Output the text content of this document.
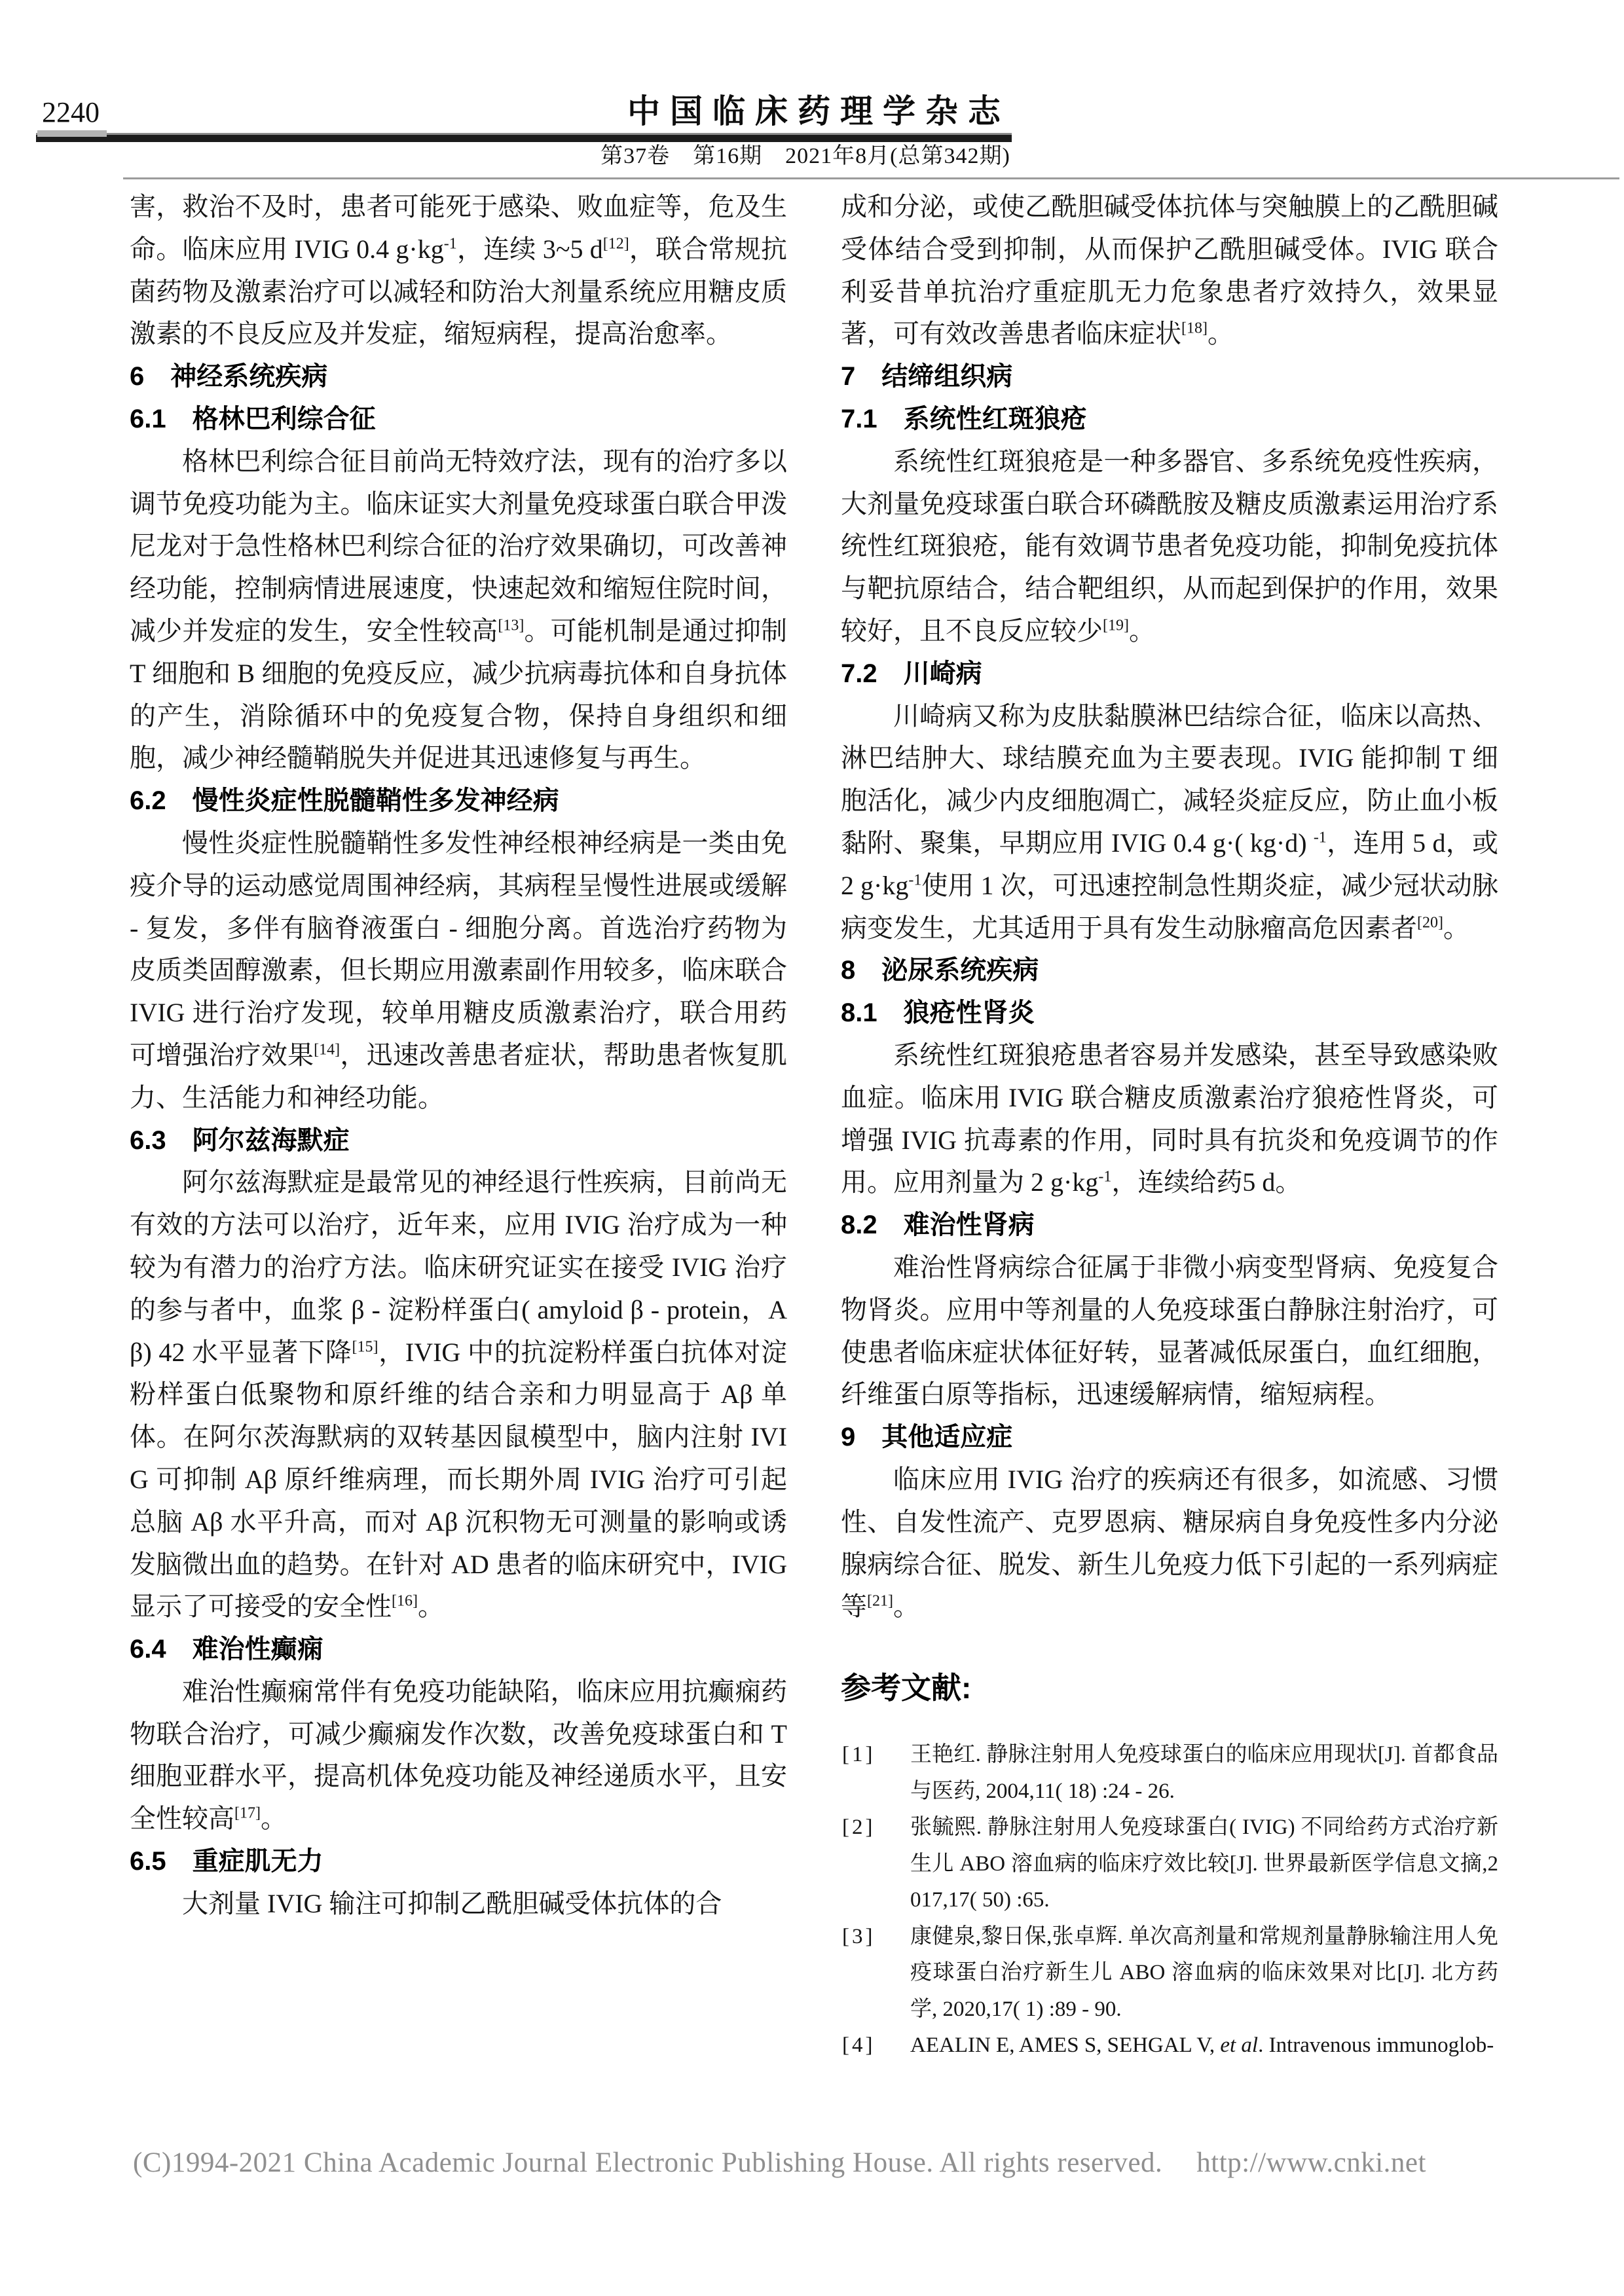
2240	中国临床药理学杂志
第37卷　第16期　2021年8月(总第342期)

害，救治不及时，患者可能死于感染、败血症等，危及生命。临床应用 IVIG 0.4 $g\cdot kg^{-1}$，连续 3~5 d[12]，联合常规抗菌药物及激素治疗可以减轻和防治大剂量系统应用糖皮质激素的不良反应及并发症，缩短病程，提高治愈率。

6　神经系统疾病
6.1　格林巴利综合征

格林巴利综合征目前尚无特效疗法，现有的治疗多以调节免疫功能为主。临床证实大剂量免疫球蛋白联合甲泼尼龙对于急性格林巴利综合征的治疗效果确切，可改善神经功能，控制病情进展速度，快速起效和缩短住院时间，减少并发症的发生，安全性较高[13]。可能机制是通过抑制 T 细胞和 B 细胞的免疫反应，减少抗病毒抗体和自身抗体的产生，消除循环中的免疫复合物，保持自身组织和细胞，减少神经髓鞘脱失并促进其迅速修复与再生。

6.2　慢性炎症性脱髓鞘性多发神经病

慢性炎症性脱髓鞘性多发性神经根神经病是一类由免疫介导的运动感觉周围神经病，其病程呈慢性进展或缓解 - 复发，多伴有脑脊液蛋白 - 细胞分离。首选治疗药物为皮质类固醇激素，但长期应用激素副作用较多，临床联合 IVIG 进行治疗发现，较单用糖皮质激素治疗，联合用药可增强治疗效果[14]，迅速改善患者症状，帮助患者恢复肌力、生活能力和神经功能。

6.3　阿尔兹海默症

阿尔兹海默症是最常见的神经退行性疾病，目前尚无有效的方法可以治疗，近年来，应用 IVIG 治疗成为一种较为有潜力的治疗方法。临床研究证实在接受 IVIG 治疗的参与者中，血浆 β - 淀粉样蛋白( amyloid β - protein，Aβ) 42 水平显著下降[15]，IVIG 中的抗淀粉样蛋白抗体对淀粉样蛋白低聚物和原纤维的结合亲和力明显高于 Aβ 单体。在阿尔茨海默病的双转基因鼠模型中，脑内注射 IVIG 可抑制 Aβ 原纤维病理，而长期外周 IVIG 治疗可引起总脑 Aβ 水平升高，而对 Aβ 沉积物无可测量的影响或诱发脑微出血的趋势。在针对 AD 患者的临床研究中，IVIG 显示了可接受的安全性[16]。

6.4　难治性癫痫

难治性癫痫常伴有免疫功能缺陷，临床应用抗癫痫药物联合治疗，可减少癫痫发作次数，改善免疫球蛋白和 T 细胞亚群水平，提高机体免疫功能及神经递质水平，且安全性较高[17]。

6.5　重症肌无力

大剂量 IVIG 输注可抑制乙酰胆碱受体抗体的合

成和分泌，或使乙酰胆碱受体抗体与突触膜上的乙酰胆碱受体结合受到抑制，从而保护乙酰胆碱受体。IVIG 联合利妥昔单抗治疗重症肌无力危象患者疗效持久，效果显著，可有效改善患者临床症状[18]。

7　结缔组织病
7.1　系统性红斑狼疮

系统性红斑狼疮是一种多器官、多系统免疫性疾病，大剂量免疫球蛋白联合环磷酰胺及糖皮质激素运用治疗系统性红斑狼疮，能有效调节患者免疫功能，抑制免疫抗体与靶抗原结合，结合靶组织，从而起到保护的作用，效果较好，且不良反应较少[19]。

7.2　川崎病

川崎病又称为皮肤黏膜淋巴结综合征，临床以高热、淋巴结肿大、球结膜充血为主要表现。IVIG 能抑制 T 细胞活化，减少内皮细胞凋亡，减轻炎症反应，防止血小板黏附、聚集，早期应用 IVIG 0.4 g·( kg·d) $^{-1}$，连用 5 d，或 2 $g\cdot kg^{-1}$使用 1 次，可迅速控制急性期炎症，减少冠状动脉病变发生，尤其适用于具有发生动脉瘤高危因素者[20]。

8　泌尿系统疾病
8.1　狼疮性肾炎

系统性红斑狼疮患者容易并发感染，甚至导致感染败血症。临床用 IVIG 联合糖皮质激素治疗狼疮性肾炎，可增强 IVIG 抗毒素的作用，同时具有抗炎和免疫调节的作用。应用剂量为 2 $g\cdot kg^{-1}$，连续给药5 d。

8.2　难治性肾病

难治性肾病综合征属于非微小病变型肾病、免疫复合物肾炎。应用中等剂量的人免疫球蛋白静脉注射治疗，可使患者临床症状体征好转，显著减低尿蛋白，血红细胞，纤维蛋白原等指标，迅速缓解病情，缩短病程。

9　其他适应症

临床应用 IVIG 治疗的疾病还有很多，如流感、习惯性、自发性流产、克罗恩病、糖尿病自身免疫性多内分泌腺病综合征、脱发、新生儿免疫力低下引起的一系列病症等[21]。

参考文献:
[1] 王艳红. 静脉注射用人免疫球蛋白的临床应用现状[J]. 首都食品与医药, 2004,11( 18) :24 - 26.
[2] 张毓熙. 静脉注射用人免疫球蛋白( IVIG) 不同给药方式治疗新生儿 ABO 溶血病的临床疗效比较[J]. 世界最新医学信息文摘,2017,17( 50) :65.
[3] 康健泉,黎日保,张卓辉. 单次高剂量和常规剂量静脉输注用人免疫球蛋白治疗新生儿 ABO 溶血病的临床效果对比[J]. 北方药学, 2020,17( 1) :89 - 90.
[4] AEALIN E, AMES S, SEHGAL V, et al. Intravenous immunoglob-
(C)1994-2021 China Academic Journal Electronic Publishing House. All rights reserved. http://www.cnki.net
